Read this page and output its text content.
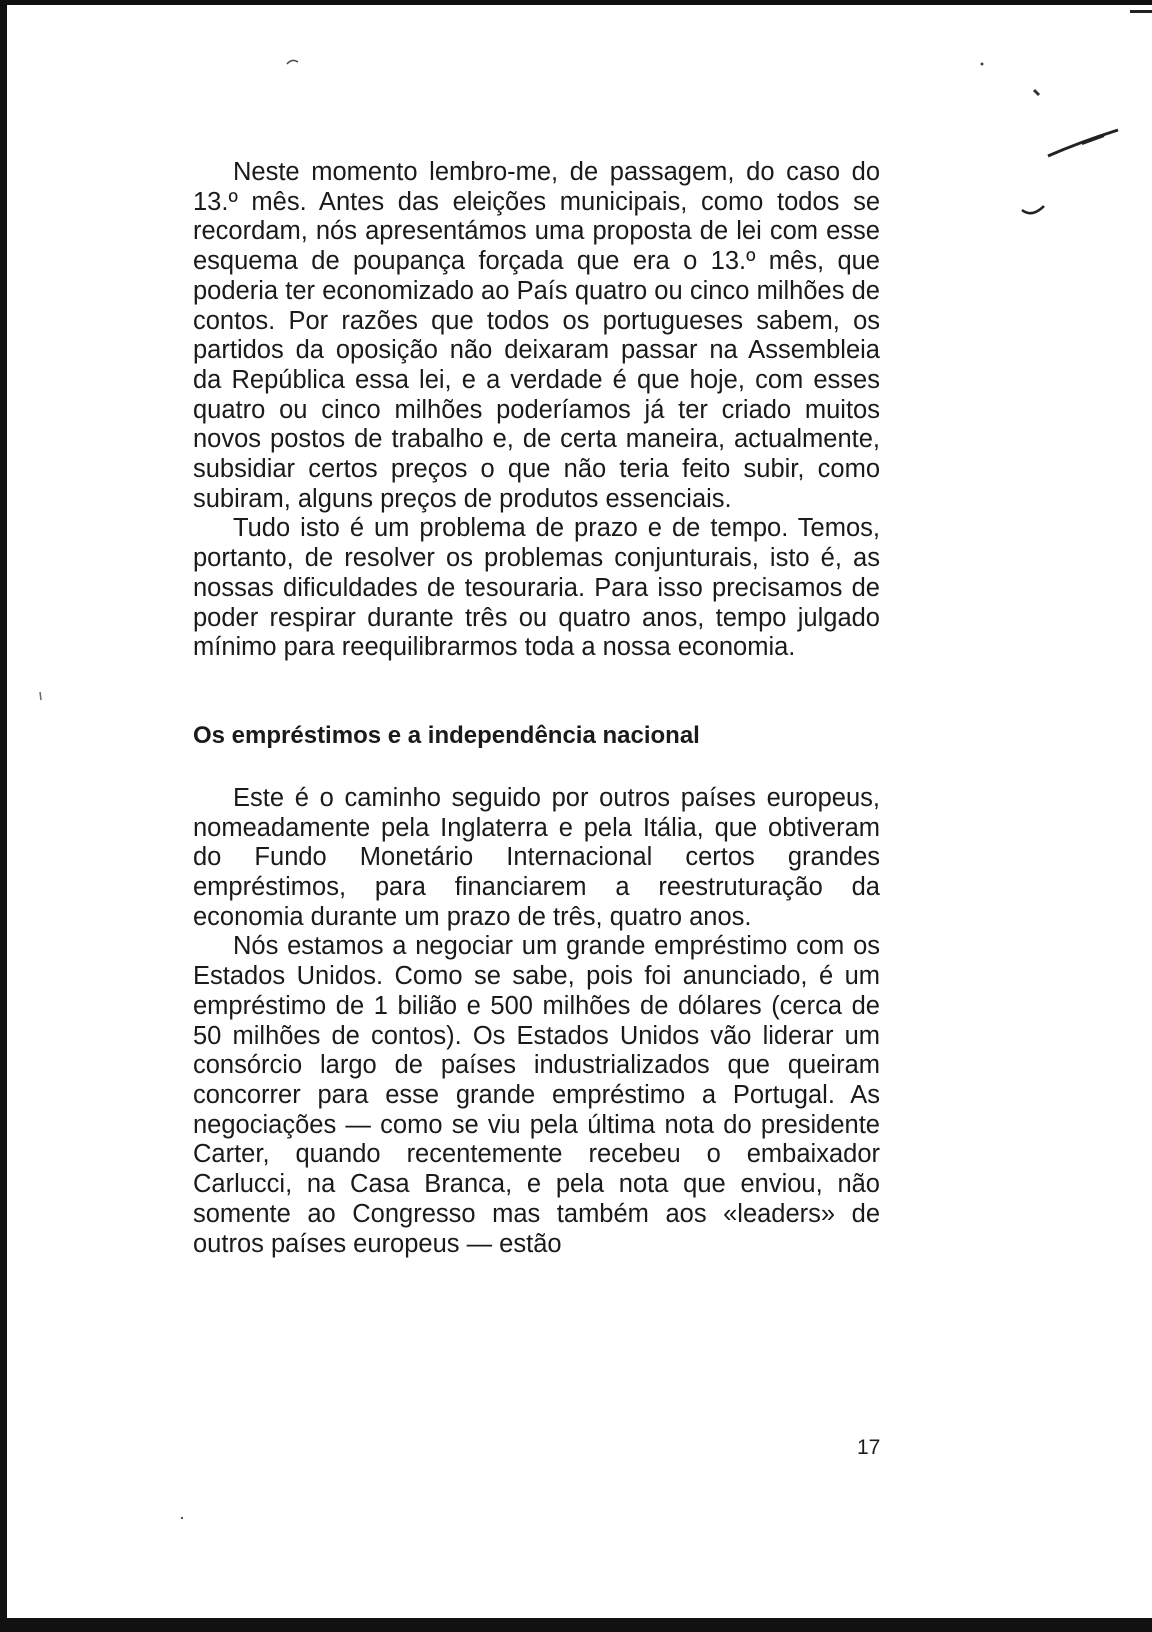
Neste momento lembro-me, de passagem, do caso do 13.º mês. Antes das eleições municipais, como todos se recordam, nós apresentámos uma proposta de lei com esse esquema de poupança forçada que era o 13.º mês, que poderia ter economizado ao País quatro ou cinco milhões de contos. Por razões que todos os portugueses sabem, os partidos da oposição não deixaram passar na Assembleia da República essa lei, e a verdade é que hoje, com esses quatro ou cinco milhões poderíamos já ter criado muitos novos postos de trabalho e, de certa maneira, actualmente, subsidiar certos preços o que não teria feito subir, como subiram, alguns preços de produtos essenciais.

Tudo isto é um problema de prazo e de tempo. Temos, portanto, de resolver os problemas conjunturais, isto é, as nossas dificuldades de tesouraria. Para isso precisamos de poder respirar durante três ou quatro anos, tempo julgado mínimo para reequilibrarmos toda a nossa economia.

Os empréstimos e a independência nacional

Este é o caminho seguido por outros países europeus, nomeadamente pela Inglaterra e pela Itália, que obtiveram do Fundo Monetário Internacional certos grandes empréstimos, para financiarem a reestruturação da economia durante um prazo de três, quatro anos.

Nós estamos a negociar um grande empréstimo com os Estados Unidos. Como se sabe, pois foi anunciado, é um empréstimo de 1 bilião e 500 milhões de dólares (cerca de 50 milhões de contos). Os Estados Unidos vão liderar um consórcio largo de países industrializados que queiram concorrer para esse grande empréstimo a Portugal. As negociações — como se viu pela última nota do presidente Carter, quando recentemente recebeu o embaixador Carlucci, na Casa Branca, e pela nota que enviou, não somente ao Congresso mas também aos «leaders» de outros países europeus — estão

17
